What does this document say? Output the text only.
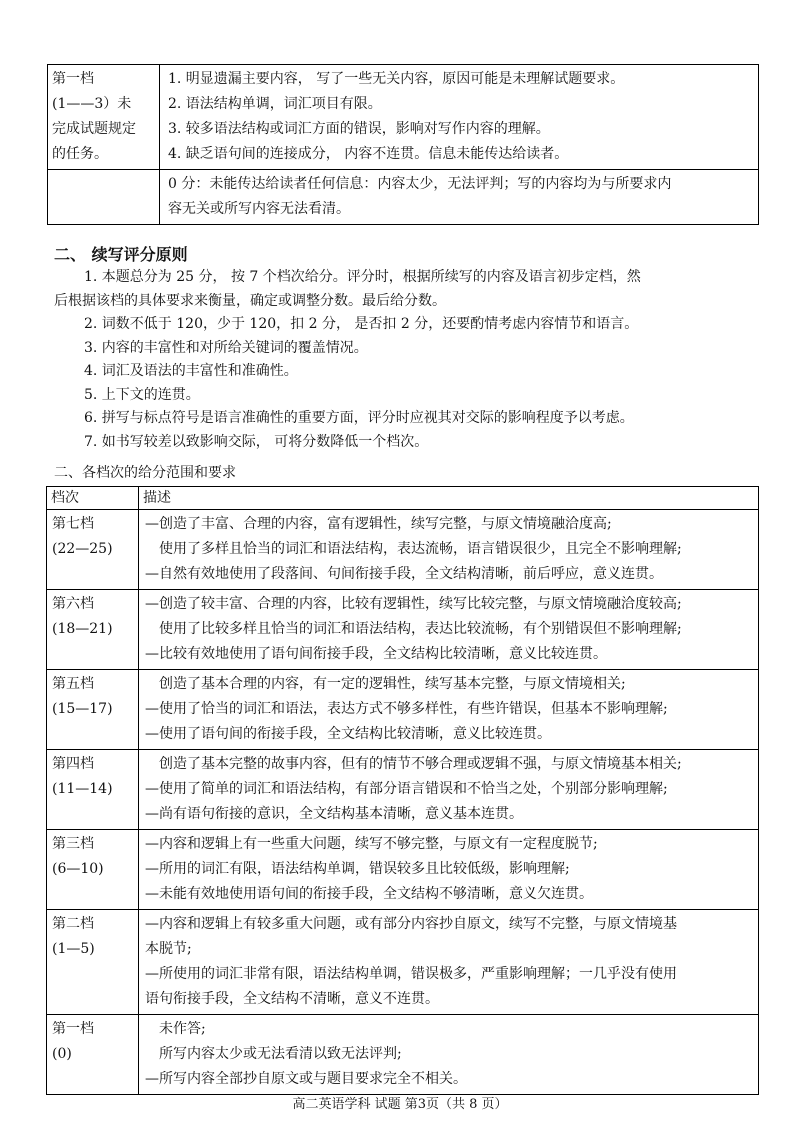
第一档
(1——3）未
完成试题规定
的任务。	1. 明显遗漏主要内容， 写了一些无关内容，原因可能是未理解试题要求。
2. 语法结构单调，词汇项目有限。
3. 较多语法结构或词汇方面的错误，影响对写作内容的理解。
4. 缺乏语句间的连接成分， 内容不连贯。信息未能传达给读者。

	0 分：未能传达给读者任何信息：内容太少，无法评判；写的内容均为与所要求内
容无关或所写内容无法看清。
二、 续写评分原则
1. 本题总分为 25 分， 按 7 个档次给分。评分时，根据所续写的内容及语言初步定档，然
后根据该档的具体要求来衡量，确定或调整分数。最后给分数。
2. 词数不低于 120，少于 120，扣 2 分， 是否扣 2 分，还要酌情考虑内容情节和语言。
3. 内容的丰富性和对所给关键词的覆盖情况。
4. 词汇及语法的丰富性和准确性。
5. 上下文的连贯。
6. 拼写与标点符号是语言准确性的重要方面，评分时应视其对交际的影响程度予以考虑。
7. 如书写较差以致影响交际， 可将分数降低一个档次。
二、各档次的给分范围和要求
档次	描述

第七档
(22—25)	—创造了丰富、合理的内容，富有逻辑性，续写完整，与原文情境融洽度高;
　使用了多样且恰当的词汇和语法结构，表达流畅，语言错误很少，且完全不影响理解;
—自然有效地使用了段落间、句间衔接手段，全文结构清晰，前后呼应，意义连贯。

第六档
(18—21)	—创造了较丰富、合理的内容，比较有逻辑性，续写比较完整，与原文情境融洽度较高;
　使用了比较多样且恰当的词汇和语法结构，表达比较流畅，有个别错误但不影响理解;
—比较有效地使用了语句间衔接手段，全文结构比较清晰，意义比较连贯。

第五档
(15—17)	　创造了基本合理的内容，有一定的逻辑性，续写基本完整，与原文情境相关;
—使用了恰当的词汇和语法，表达方式不够多样性，有些许错误，但基本不影响理解;
—使用了语句间的衔接手段，全文结构比较清晰，意义比较连贯。

第四档
(11—14)	　创造了基本完整的故事内容，但有的情节不够合理或逻辑不强，与原文情境基本相关;
—使用了简单的词汇和语法结构，有部分语言错误和不恰当之处，个别部分影响理解;
—尚有语句衔接的意识，全文结构基本清晰，意义基本连贯。

第三档
(6—10)	—内容和逻辑上有一些重大问题，续写不够完整，与原文有一定程度脱节;
—所用的词汇有限，语法结构单调，错误较多且比较低级，影响理解;
—未能有效地使用语句间的衔接手段，全文结构不够清晰，意义欠连贯。

第二档
(1—5)	—内容和逻辑上有较多重大问题，或有部分内容抄自原文，续写不完整，与原文情境基
本脱节;
—所使用的词汇非常有限，语法结构单调，错误极多，严重影响理解；一几乎没有使用
语句衔接手段，全文结构不清晰，意义不连贯。

第一档
(0)	　未作答;
　所写内容太少或无法看清以致无法评判;
—所写内容全部抄自原文或与题目要求完全不相关。
高二英语学科 试题 第3页（共 8 页）
